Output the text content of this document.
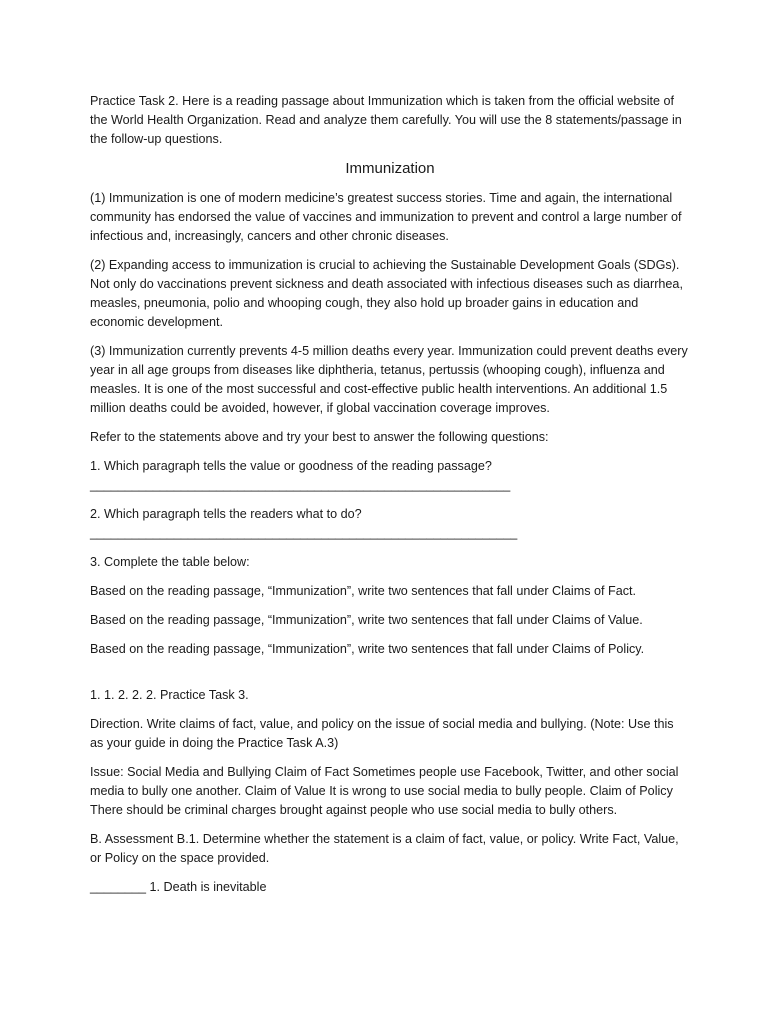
Practice Task 2. Here is a reading passage about Immunization which is taken from the official website of the World Health Organization. Read and analyze them carefully. You will use the 8 statements/passage in the follow-up questions.

Immunization

(1) Immunization is one of modern medicine’s greatest success stories. Time and again, the international community has endorsed the value of vaccines and immunization to prevent and control a large number of infectious and, increasingly, cancers and other chronic diseases.

(2) Expanding access to immunization is crucial to achieving the Sustainable Development Goals (SDGs). Not only do vaccinations prevent sickness and death associated with infectious diseases such as diarrhea, measles, pneumonia, polio and whooping cough, they also hold up broader gains in education and economic development.

(3) Immunization currently prevents 4-5 million deaths every year. Immunization could prevent deaths every year in all age groups from diseases like diphtheria, tetanus, pertussis (whooping cough), influenza and measles. It is one of the most successful and cost-effective public health interventions. An additional 1.5 million deaths could be avoided, however, if global vaccination coverage improves.

Refer to the statements above and try your best to answer the following questions:

1. Which paragraph tells the value or goodness of the reading passage?
____________________________________________________________

2. Which paragraph tells the readers what to do?
_____________________________________________________________

3. Complete the table below:

Based on the reading passage, “Immunization”, write two sentences that fall under Claims of Fact.

Based on the reading passage, “Immunization”, write two sentences that fall under Claims of Value.

Based on the reading passage, “Immunization”, write two sentences that fall under Claims of Policy.

1. 1. 2. 2. 2. Practice Task 3.

Direction. Write claims of fact, value, and policy on the issue of social media and bullying. (Note: Use this as your guide in doing the Practice Task A.3)

Issue: Social Media and Bullying Claim of Fact Sometimes people use Facebook, Twitter, and other social media to bully one another. Claim of Value It is wrong to use social media to bully people. Claim of Policy There should be criminal charges brought against people who use social media to bully others.

B. Assessment B.1. Determine whether the statement is a claim of fact, value, or policy. Write Fact, Value, or Policy on the space provided.

________ 1. Death is inevitable
